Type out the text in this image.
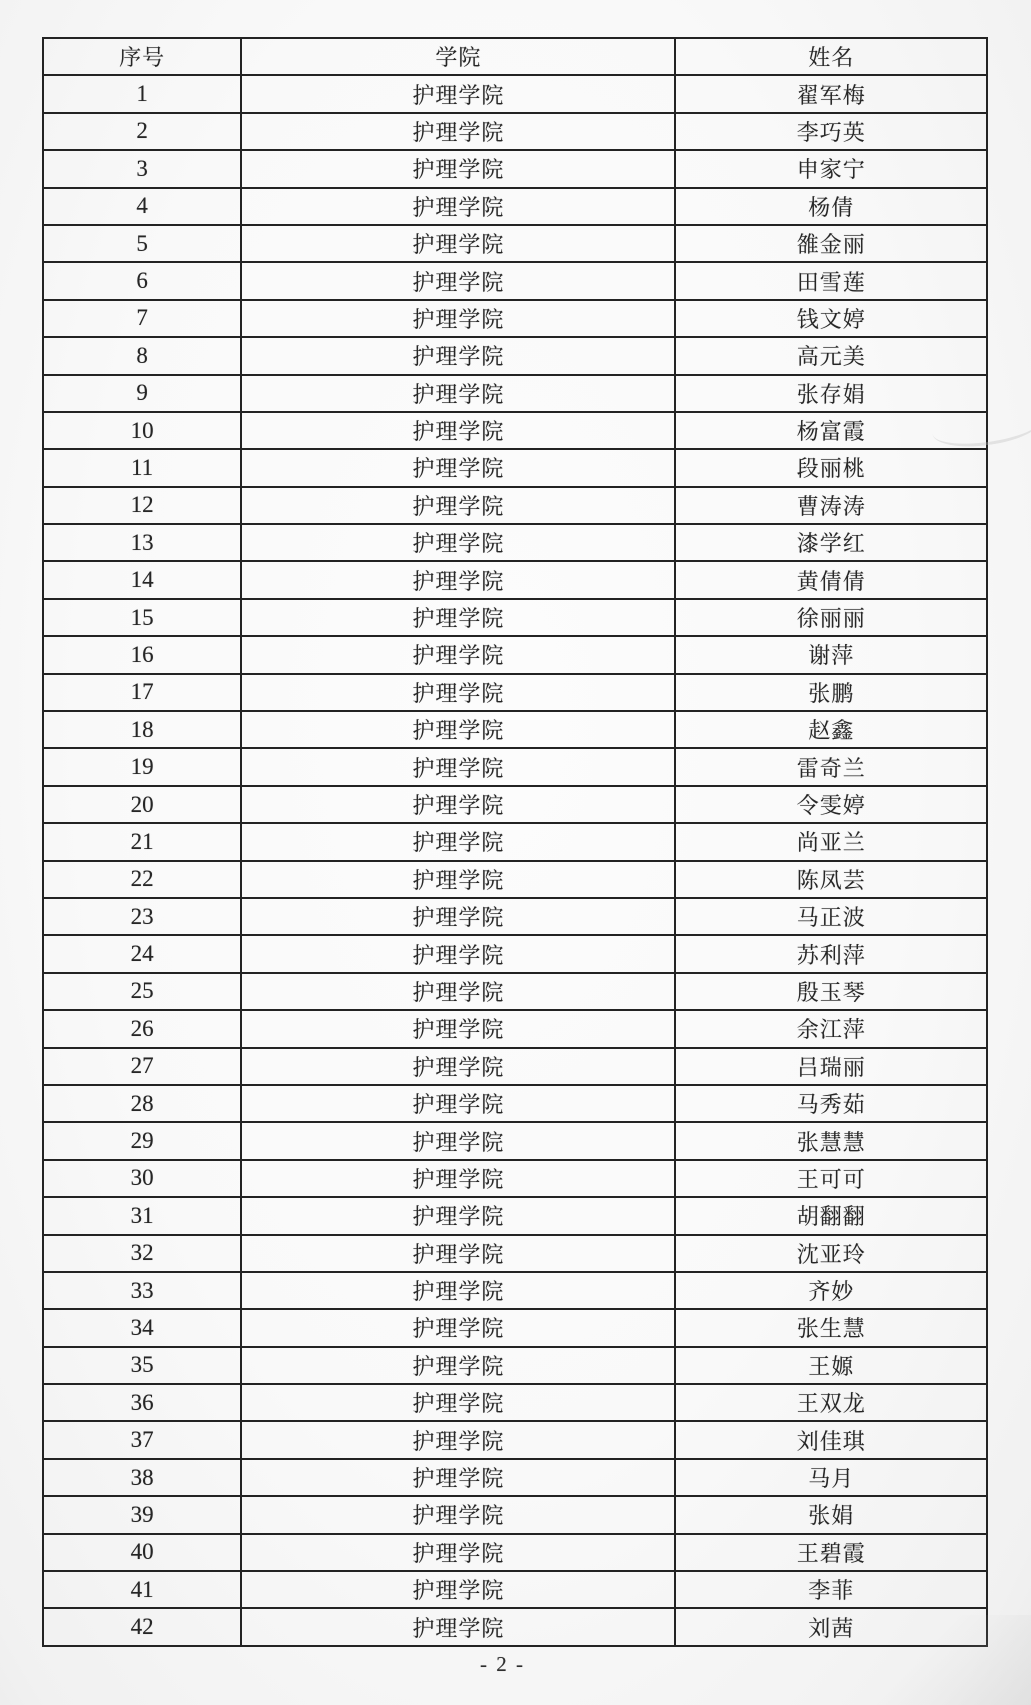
序号	学院	姓名
1	护理学院	翟军梅
2	护理学院	李巧英
3	护理学院	申家宁
4	护理学院	杨倩
5	护理学院	雒金丽
6	护理学院	田雪莲
7	护理学院	钱文婷
8	护理学院	高元美
9	护理学院	张存娟
10	护理学院	杨富霞
11	护理学院	段丽桃
12	护理学院	曹涛涛
13	护理学院	漆学红
14	护理学院	黄倩倩
15	护理学院	徐丽丽
16	护理学院	谢萍
17	护理学院	张鹏
18	护理学院	赵鑫
19	护理学院	雷奇兰
20	护理学院	令雯婷
21	护理学院	尚亚兰
22	护理学院	陈凤芸
23	护理学院	马正波
24	护理学院	苏利萍
25	护理学院	殷玉琴
26	护理学院	余江萍
27	护理学院	吕瑞丽
28	护理学院	马秀茹
29	护理学院	张慧慧
30	护理学院	王可可
31	护理学院	胡翻翻
32	护理学院	沈亚玲
33	护理学院	齐妙
34	护理学院	张生慧
35	护理学院	王嫄
36	护理学院	王双龙
37	护理学院	刘佳琪
38	护理学院	马月
39	护理学院	张娟
40	护理学院	王碧霞
41	护理学院	李菲
42	护理学院	刘茜
- 2 -
